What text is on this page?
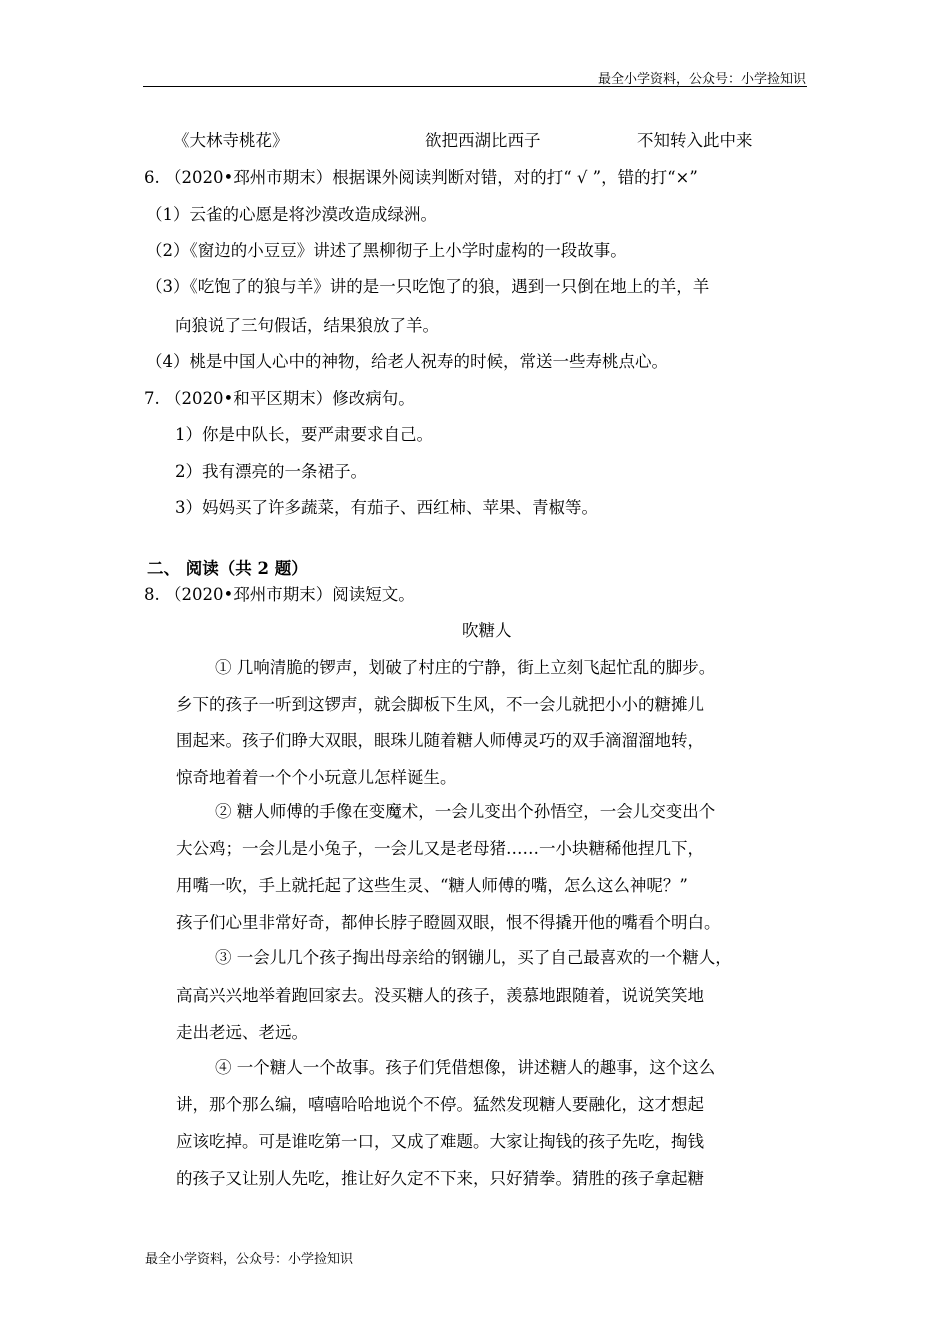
最全小学资料，公众号：小学捡知识
《大林寺桃花》	欲把西湖比西子	不知转入此中来
6. （2020•邳州市期末）根据课外阅读判断对错，对的打“ √ ”，错的打“×”
（1）云雀的心愿是将沙漠改造成绿洲。
（2）《窗边的小豆豆》讲述了黑柳彻子上小学时虚构的一段故事。
（3）《吃饱了的狼与羊》讲的是一只吃饱了的狼，遇到一只倒在地上的羊，羊
向狼说了三句假话，结果狼放了羊。
（4）桃是中国人心中的神物，给老人祝寿的时候，常送一些寿桃点心。
7. （2020•和平区期末）修改病句。
1）你是中队长，要严肃要求自己。
2）我有漂亮的一条裙子。
3）妈妈买了许多蔬菜，有茄子、西红柿、苹果、青椒等。
二、 阅读（共 2 题）
8. （2020•邳州市期末）阅读短文。
吹糖人
① 几响清脆的锣声，划破了村庄的宁静，街上立刻飞起忙乱的脚步。
乡下的孩子一听到这锣声，就会脚板下生风，不一会儿就把小小的糖摊儿
围起来。孩子们睁大双眼，眼珠儿随着糖人师傅灵巧的双手滴溜溜地转，
惊奇地着着一个个小玩意儿怎样诞生。
② 糖人师傅的手像在变魔术，一会儿变出个孙悟空，一会儿交变出个
大公鸡；一会儿是小兔子，一会儿又是老母猪……一小块糖稀他捏几下，
用嘴一吹，手上就托起了这些生灵、“糖人师傅的嘴，怎么这么神呢？”
孩子们心里非常好奇，都伸长脖子瞪圆双眼，恨不得撬开他的嘴看个明白。
③ 一会儿几个孩子掏出母亲给的钢镚儿，买了自己最喜欢的一个糖人，
高高兴兴地举着跑回家去。没买糖人的孩子，羡慕地跟随着，说说笑笑地
走出老远、老远。
④ 一个糖人一个故事。孩子们凭借想像，讲述糖人的趣事，这个这么
讲，那个那么编，嘻嘻哈哈地说个不停。猛然发现糖人要融化，这才想起
应该吃掉。可是谁吃第一口，又成了难题。大家让掏钱的孩子先吃，掏钱
的孩子又让别人先吃，推让好久定不下来，只好猜拳。猜胜的孩子拿起糖
最全小学资料，公众号：小学捡知识
